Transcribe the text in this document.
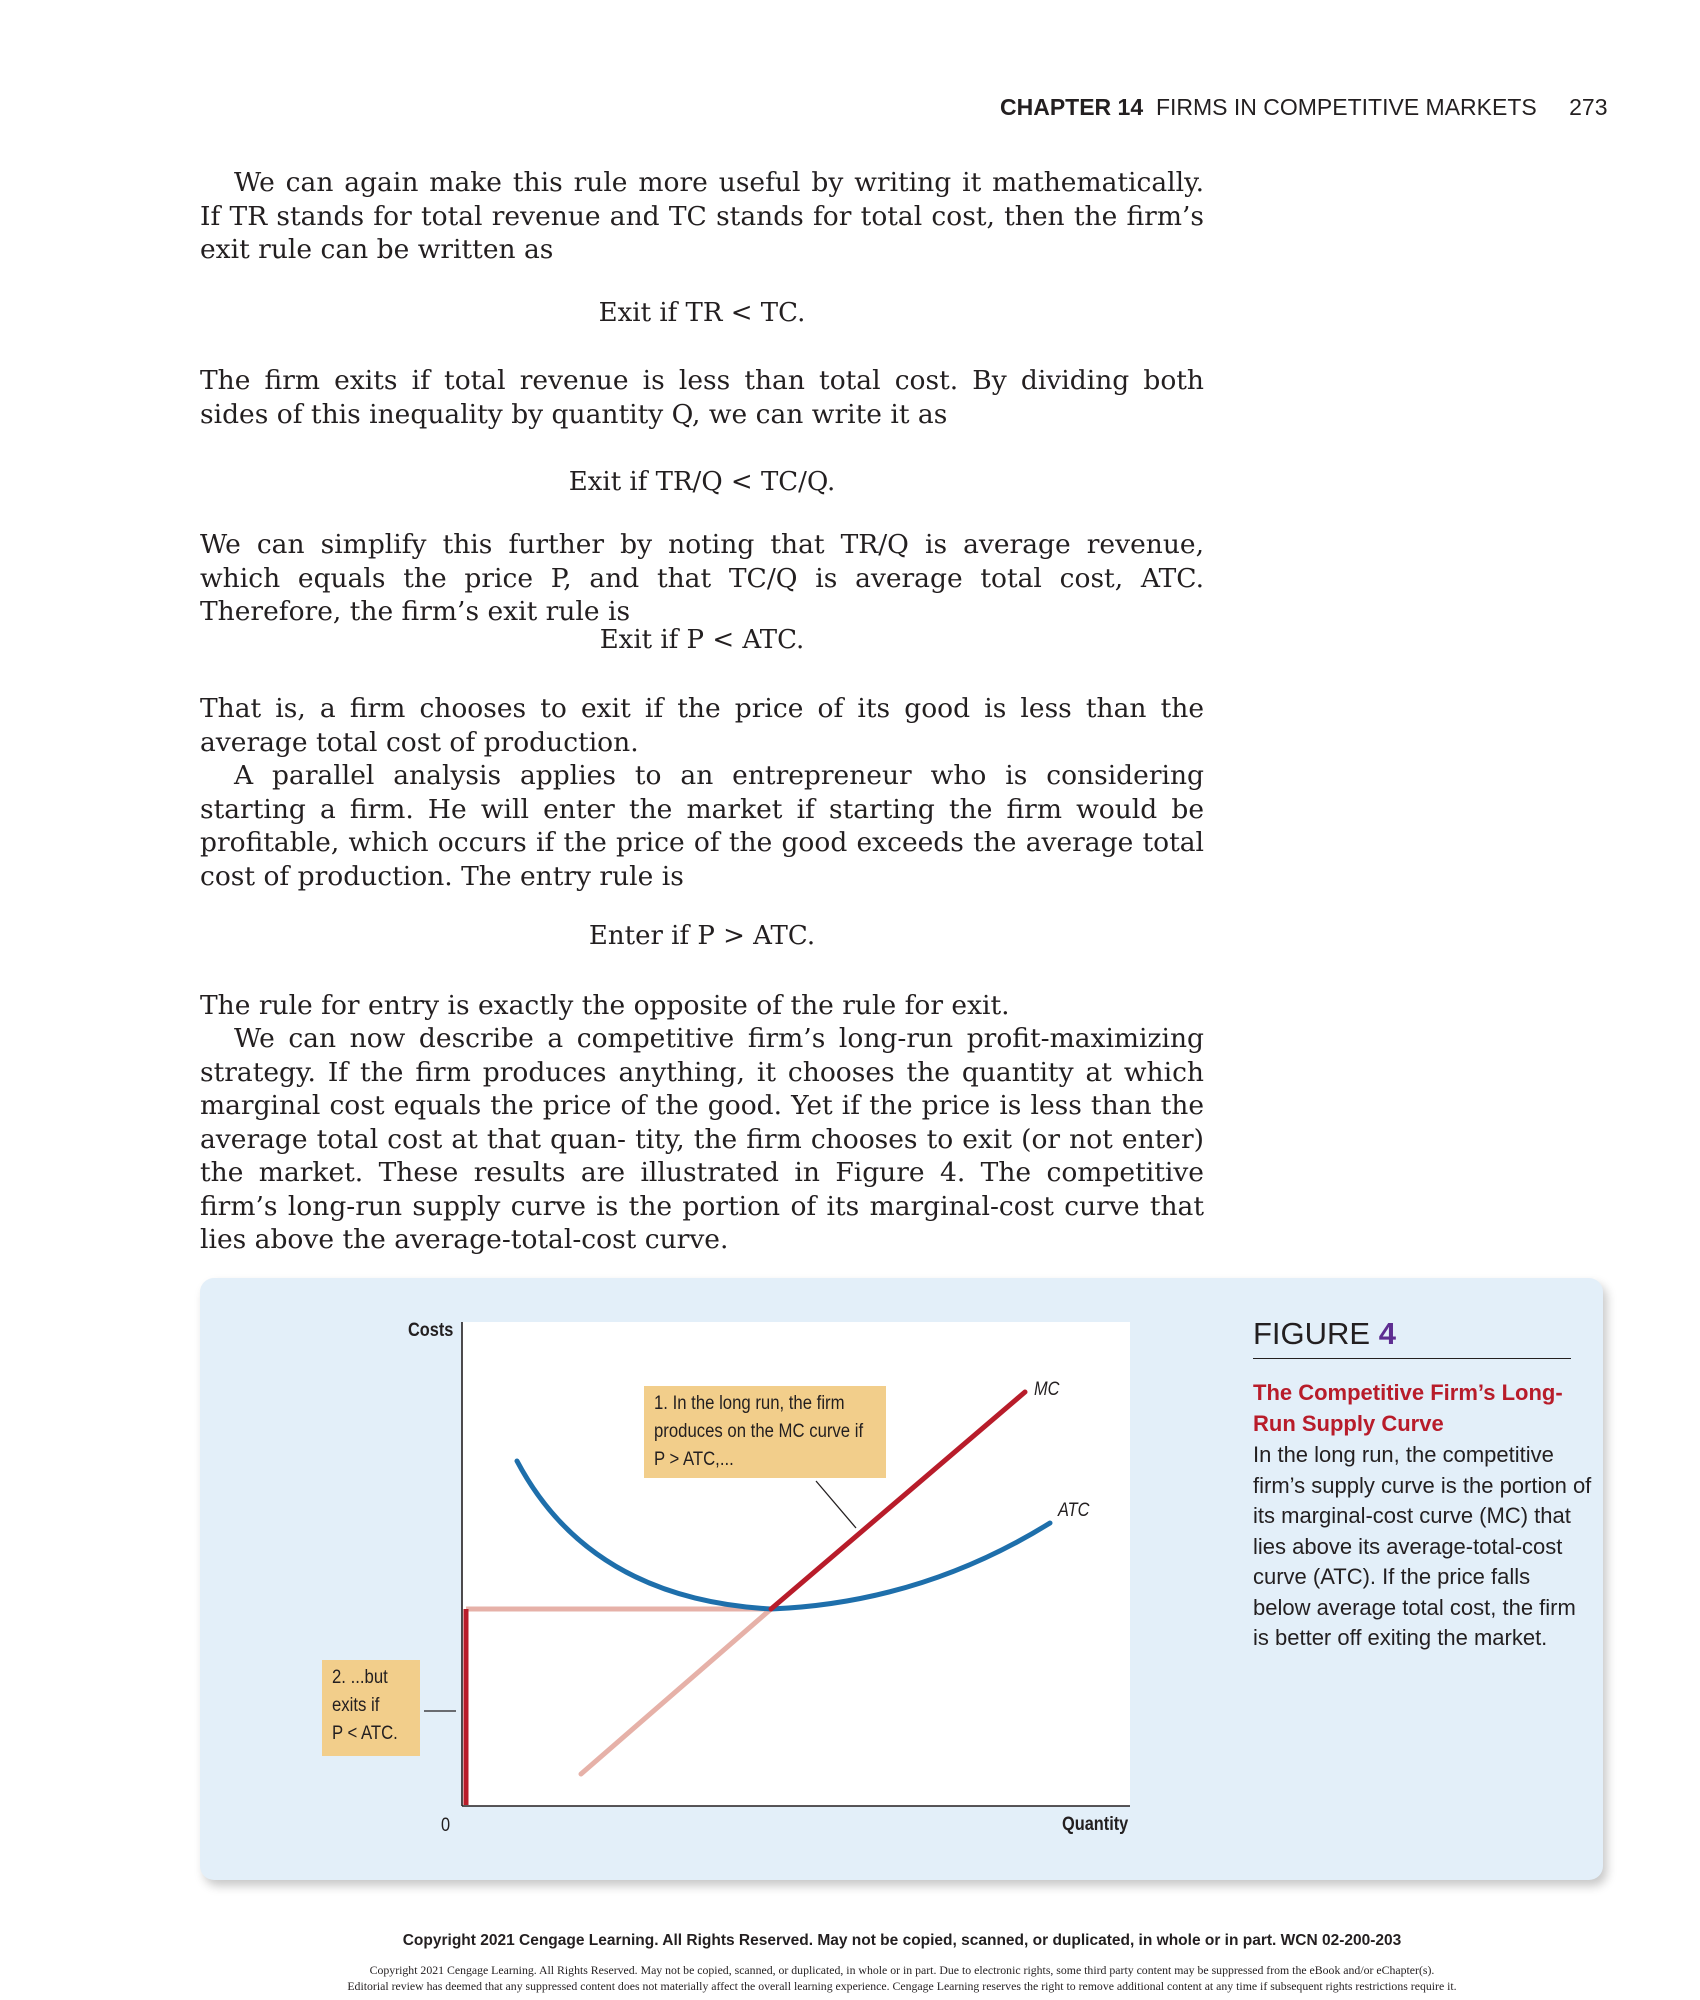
CHAPTER 14 FIRMS IN COMPETITIVE MARKETS 273
We can again make this rule more useful by writing it mathematically. If TR stands for total revenue and TC stands for total cost, then the firm’s exit rule can be written as
Exit if TR < TC.
The firm exits if total revenue is less than total cost. By dividing both sides of this inequality by quantity Q, we can write it as
Exit if TR/Q < TC/Q.
We can simplify this further by noting that TR/Q is average revenue, which equals the price P, and that TC/Q is average total cost, ATC. Therefore, the firm’s exit rule is
Exit if P < ATC.
That is, a firm chooses to exit if the price of its good is less than the average total cost of production.
A parallel analysis applies to an entrepreneur who is considering starting a firm. He will enter the market if starting the firm would be profitable, which occurs if the price of the good exceeds the average total cost of production. The entry rule is
Enter if P > ATC.
The rule for entry is exactly the opposite of the rule for exit.
We can now describe a competitive firm’s long-run profit-maximizing strategy. If the firm produces anything, it chooses the quantity at which marginal cost equals the price of the good. Yet if the price is less than the average total cost at that quan- tity, the firm chooses to exit (or not enter) the market. These results are illustrated in Figure 4. The competitive firm’s long-run supply curve is the portion of its marginal-cost curve that lies above the average-total-cost curve.
Costs
Quantity
0
MC
ATC
1. In the long run, the firm
produces on the MC curve if
P > ATC,...
2. ...but
exits if
P < ATC.
FIGURE 4
The Competitive Firm’s Long-Run Supply Curve
In the long run, the competitive firm’s supply curve is the portion of its marginal-cost curve (MC) that lies above its average-total-cost curve (ATC). If the price falls below average total cost, the firm is better off exiting the market.
Copyright 2021 Cengage Learning. All Rights Reserved. May not be copied, scanned, or duplicated, in whole or in part. WCN 02-200-203
Copyright 2021 Cengage Learning. All Rights Reserved. May not be copied, scanned, or duplicated, in whole or in part. Due to electronic rights, some third party content may be suppressed from the eBook and/or eChapter(s).
Editorial review has deemed that any suppressed content does not materially affect the overall learning experience. Cengage Learning reserves the right to remove additional content at any time if subsequent rights restrictions require it.
